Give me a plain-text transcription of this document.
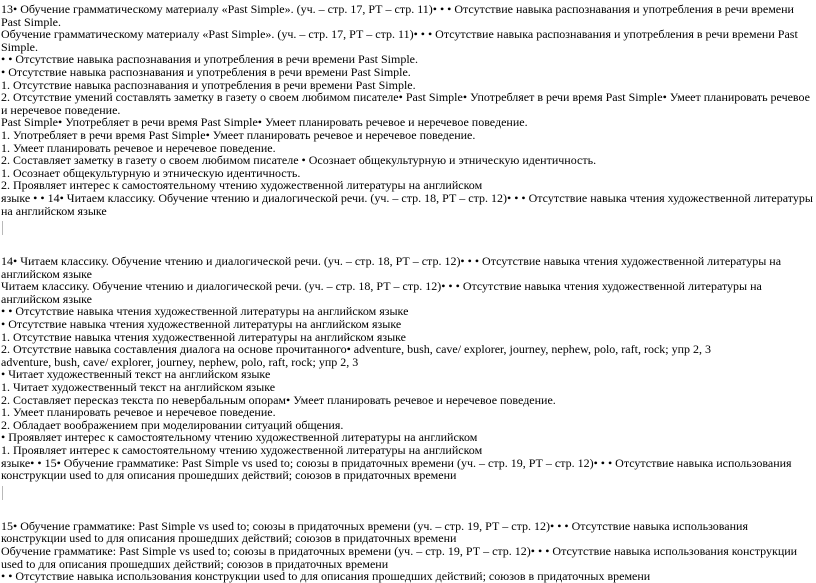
13• Обучение грамматическому материалу «Past Simple». (уч. – стр. 17, РТ – стр. 11)• • • Отсутствие навыка распознавания и употребления в речи времени Past Simple.
Обучение грамматическому материалу «Past Simple». (уч. – стр. 17, РТ – стр. 11)• • • Отсутствие навыка распознавания и употребления в речи времени Past Simple.
• • Отсутствие навыка распознавания и употребления в речи времени Past Simple.
• Отсутствие навыка распознавания и употребления в речи времени Past Simple.
1. Отсутствие навыка распознавания и употребления в речи времени Past Simple.
2. Отсутствие умений составлять заметку в газету о своем любимом писателе• Past Simple• Употребляет в речи время Past Simple• Умеет планировать речевое и неречевое поведение.
Past Simple• Употребляет в речи время Past Simple• Умеет планировать речевое и неречевое поведение.
1. Употребляет в речи время Past Simple• Умеет планировать речевое и неречевое поведение.
1. Умеет планировать речевое и неречевое поведение.
2. Составляет заметку в газету о своем любимом писателе • Осознает общекультурную и этническую идентичность.
1. Осознает общекультурную и этническую идентичность.
2. Проявляет интерес к самостоятельному чтению художественной литературы на английском
языке • • 14• Читаем классику. Обучение чтению и диалогической речи. (уч. – стр. 18, РТ – стр. 12)• • • Отсутствие навыка чтения художественной литературы на английском языке
14• Читаем классику. Обучение чтению и диалогической речи. (уч. – стр. 18, РТ – стр. 12)• • • Отсутствие навыка чтения художественной литературы на английском языке
Читаем классику. Обучение чтению и диалогической речи. (уч. – стр. 18, РТ – стр. 12)• • • Отсутствие навыка чтения художественной литературы на английском языке
• • Отсутствие навыка чтения художественной литературы на английском языке
• Отсутствие навыка чтения художественной литературы на английском языке
1. Отсутствие навыка чтения художественной литературы на английском языке
2. Отсутствие навыка составления диалога на основе прочитанного• adventure, bush, cave/ explorer, journey, nephew, polo, raft, rock; упр 2, 3
adventure, bush, cave/ explorer, journey, nephew, polo, raft, rock; упр 2, 3
• Читает художественный текст на английском языке
1. Читает художественный текст на английском языке
2. Составляет пересказ текста по невербальным опорам• Умеет планировать речевое и неречевое поведение.
1. Умеет планировать речевое и неречевое поведение.
2. Обладает воображением при моделировании ситуаций общения.
• Проявляет интерес к самостоятельному чтению художественной литературы на английском
1. Проявляет интерес к самостоятельному чтению художественной литературы на английском
языке• • 15• Обучение грамматике: Past Simple vs used to; союзы в придаточных времени (уч. – стр. 19, РТ – стр. 12)• • • Отсутствие навыка использования конструкции used to для описания прошедших действий; союзов в придаточных времени
15• Обучение грамматике: Past Simple vs used to; союзы в придаточных времени (уч. – стр. 19, РТ – стр. 12)• • • Отсутствие навыка использования конструкции used to для описания прошедших действий; союзов в придаточных времени
Обучение грамматике: Past Simple vs used to; союзы в придаточных времени (уч. – стр. 19, РТ – стр. 12)• • • Отсутствие навыка использования конструкции used to для описания прошедших действий; союзов в придаточных времени
• • Отсутствие навыка использования конструкции used to для описания прошедших действий; союзов в придаточных времени
